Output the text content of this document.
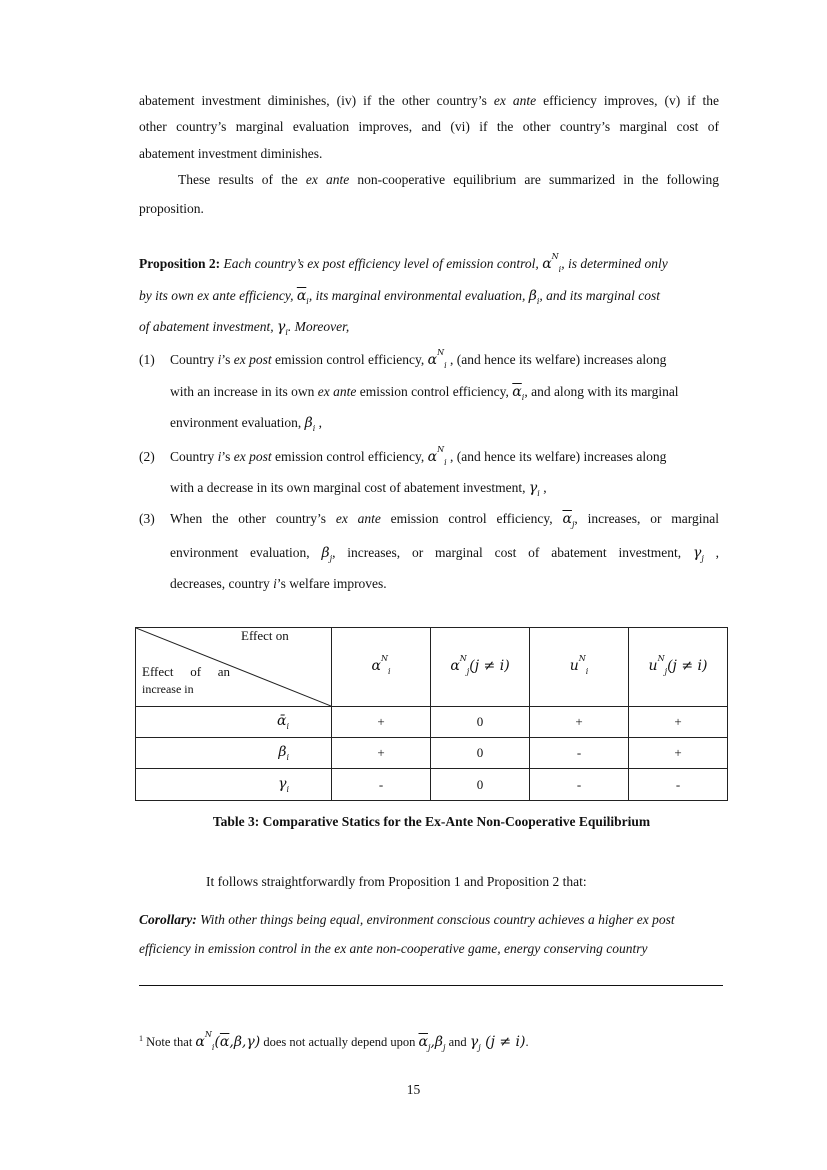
abatement investment diminishes, (iv) if the other country’s ex ante efficiency improves, (v) if the
other country’s marginal evaluation improves, and (vi) if the other country’s marginal cost of
abatement investment diminishes.
These results of the ex ante non-cooperative equilibrium are summarized in the following
proposition.
Proposition 2: Each country’s ex post efficiency level of emission control, $\alpha^N_i$, is determined only
by its own ex ante efficiency, $\overline{\alpha}_i$, its marginal environmental evaluation, $\beta_i$, and its marginal cost
of abatement investment, $\gamma_i$. Moreover,
(1) Country i’s ex post emission control efficiency, $\alpha^N_i$ , (and hence its welfare) increases along
with an increase in its own ex ante emission control efficiency, $\overline{\alpha}_i$, and along with its marginal
environment evaluation, $\beta_i$ ,
(2) Country i’s ex post emission control efficiency, $\alpha^N_i$ , (and hence its welfare) increases along
with a decrease in its own marginal cost of abatement investment, $\gamma_i$ ,
(3) When the other country’s ex ante emission control efficiency, $\overline{\alpha}_j$, increases, or marginal
environment evaluation, $\beta_j$, increases, or marginal cost of abatement investment, $\gamma_j$ ,
decreases, country i’s welfare improves.
Effect on
Effect of an
increase in	$\alpha^N_i$	$\alpha^N_j(j \ne i)$	$u^N_i$	$u^N_j(j \ne i)$
ᾱ$_i$	+	0	+	+
$\beta_i$	+	0	-	+
$\gamma_i$	-	0	-	-
Table 3: Comparative Statics for the Ex-Ante Non-Cooperative Equilibrium
It follows straightforwardly from Proposition 1 and Proposition 2 that:
Corollary: With other things being equal, environment conscious country achieves a higher ex post
efficiency in emission control in the ex ante non-cooperative game, energy conserving country
$^1$ Note that $\alpha^N_i(\overline{\alpha},\beta,\gamma)$ does not actually depend upon $\overline{\alpha}_j,\beta_j$ and $\gamma_j$ (j ≠ i).
15
